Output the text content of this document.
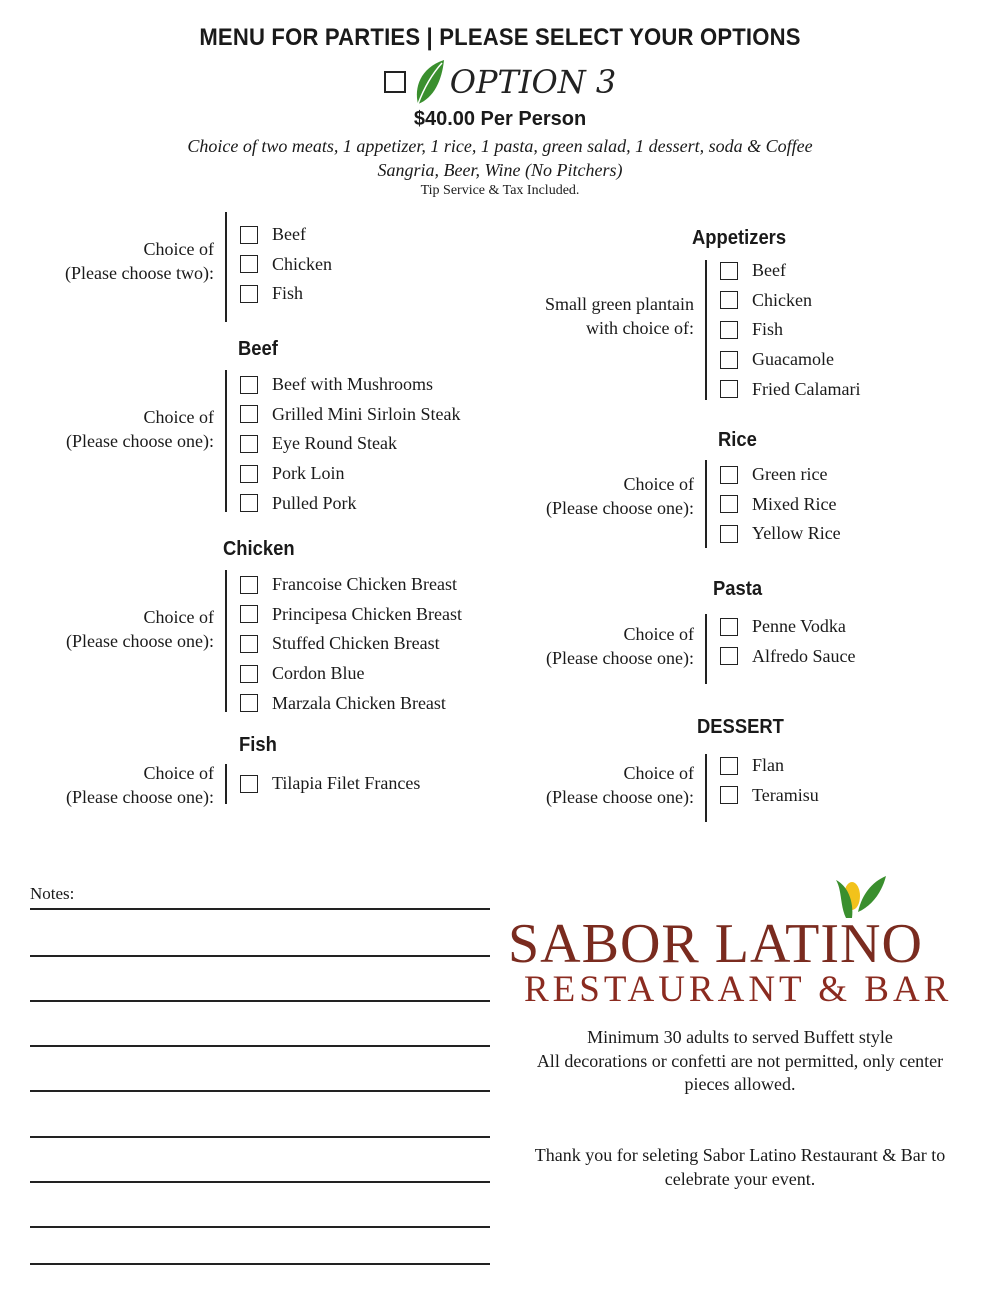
MENU FOR PARTIES | PLEASE SELECT YOUR OPTIONS
OPTION 3
$40.00 Per Person
Choice of two meats, 1 appetizer, 1 rice, 1 pasta, green salad, 1 dessert, soda & Coffee
Sangria, Beer, Wine (No Pitchers)
Tip Service & Tax Included.
Choice of
(Please choose two):
Beef
Chicken
Fish
Beef
Choice of
(Please choose one):
Beef with Mushrooms
Grilled Mini Sirloin Steak
Eye Round Steak
Pork Loin
Pulled Pork
Chicken
Choice of
(Please choose one):
Francoise Chicken Breast
Principesa Chicken Breast
Stuffed Chicken Breast
Cordon Blue
Marzala Chicken Breast
Fish
Choice of
(Please choose one):
Tilapia Filet Frances
Appetizers
Small green plantain
with choice of:
Beef
Chicken
Fish
Guacamole
Fried Calamari
Rice
Choice of
(Please choose one):
Green rice
Mixed Rice
Yellow Rice
Pasta
Choice of
(Please choose one):
Penne Vodka
Alfredo Sauce
DESSERT
Choice of
(Please choose one):
Flan
Teramisu
Notes:
SABOR LATINO
RESTAURANT & BAR
Minimum 30 adults to served Buffett style
All decorations or confetti are not permitted, only center
pieces allowed.
Thank you for seleting Sabor Latino Restaurant & Bar to
celebrate your event.
